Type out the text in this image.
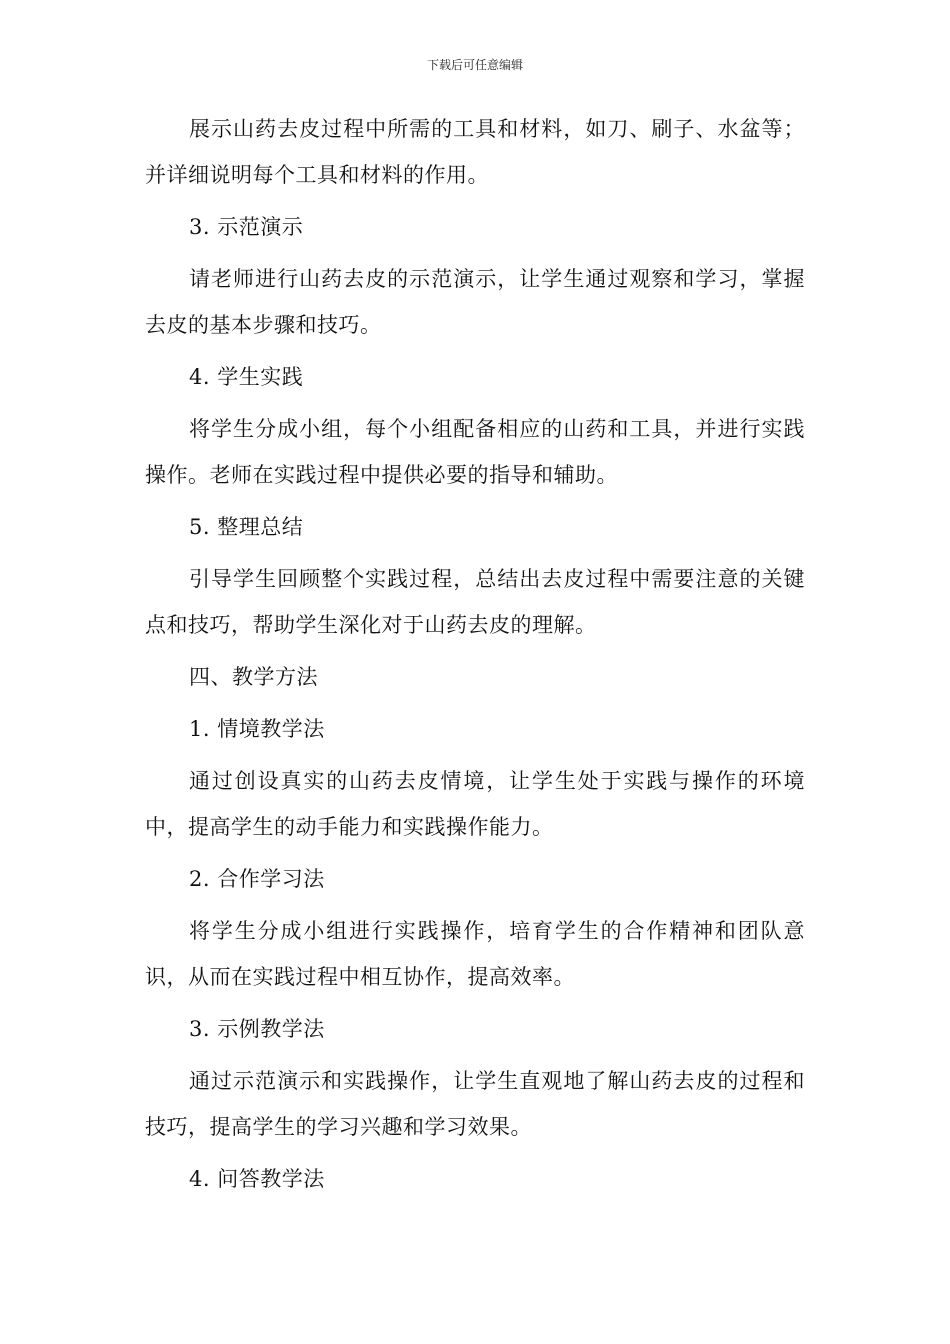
下载后可任意编辑

展示山药去皮过程中所需的工具和材料，如刀、刷子、水盆等；并详细说明每个工具和材料的作用。

3. 示范演示

请老师进行山药去皮的示范演示，让学生通过观察和学习，掌握去皮的基本步骤和技巧。

4. 学生实践

将学生分成小组，每个小组配备相应的山药和工具，并进行实践操作。老师在实践过程中提供必要的指导和辅助。

5. 整理总结

引导学生回顾整个实践过程，总结出去皮过程中需要注意的关键点和技巧，帮助学生深化对于山药去皮的理解。

四、教学方法

1. 情境教学法

通过创设真实的山药去皮情境，让学生处于实践与操作的环境中，提高学生的动手能力和实践操作能力。

2. 合作学习法

将学生分成小组进行实践操作，培育学生的合作精神和团队意识，从而在实践过程中相互协作，提高效率。

3. 示例教学法

通过示范演示和实践操作，让学生直观地了解山药去皮的过程和技巧，提高学生的学习兴趣和学习效果。

4. 问答教学法
